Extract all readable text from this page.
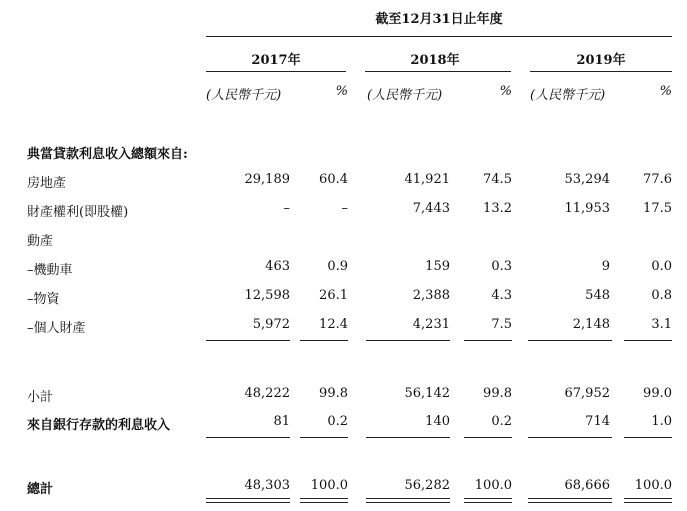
截至12月31日止年度
2017年	2018年	2019年
(人民幣千元)	% (人民幣千元)	% (人民幣千元)	%
典當貸款利息收入總額來自:
房地產	29,189	60.4	41,921	74.5	53,294	77.6
財產權利(即股權)	–	–	7,443	13.2	11,953	17.5
動產
–機動車	463	0.9	159	0.3	9	0.0
–物資	12,598	26.1	2,388	4.3	548	0.8
–個人財產	5,972	12.4	4,231	7.5	2,148	3.1
小計	48,222	99.8	56,142	99.8	67,952	99.0
來自銀行存款的利息收入	81	0.2	140	0.2	714	1.0
總計	48,303	100.0	56,282	100.0	68,666	100.0
